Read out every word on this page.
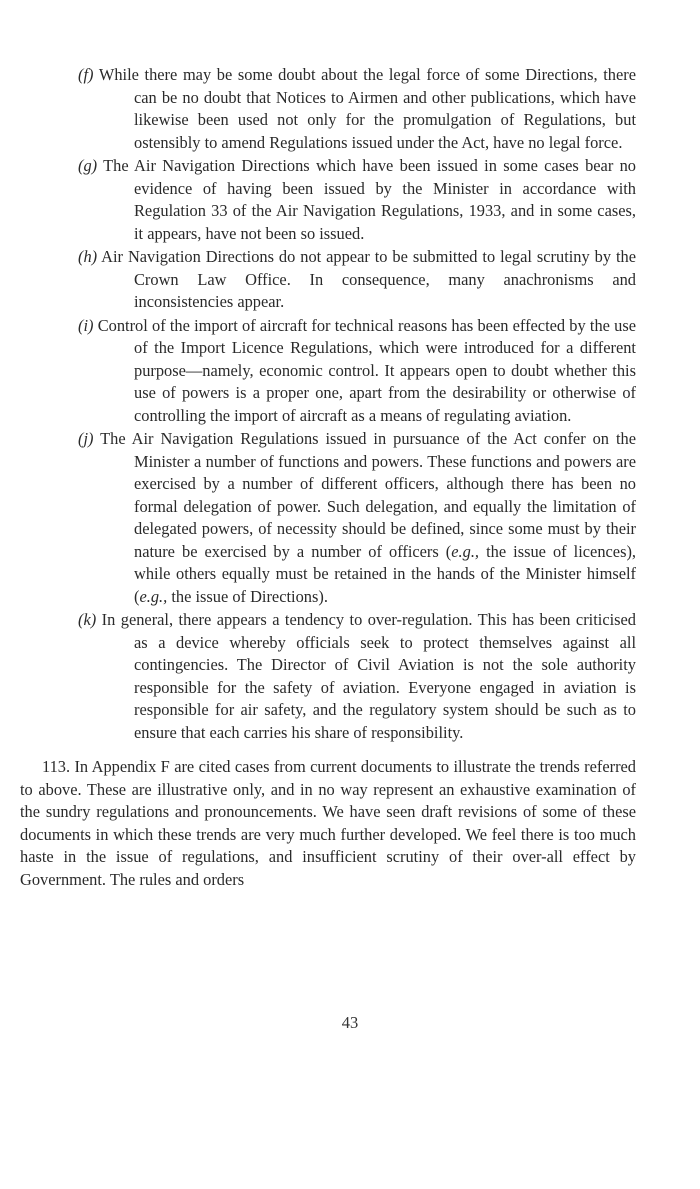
(f) While there may be some doubt about the legal force of some Directions, there can be no doubt that Notices to Airmen and other publications, which have likewise been used not only for the promulgation of Regulations, but ostensibly to amend Regulations issued under the Act, have no legal force.

(g) The Air Navigation Directions which have been issued in some cases bear no evidence of having been issued by the Minister in accordance with Regulation 33 of the Air Navigation Regulations, 1933, and in some cases, it appears, have not been so issued.

(h) Air Navigation Directions do not appear to be submitted to legal scrutiny by the Crown Law Office. In consequence, many anachronisms and inconsistencies appear.

(i) Control of the import of aircraft for technical reasons has been effected by the use of the Import Licence Regulations, which were introduced for a different purpose—namely, economic control. It appears open to doubt whether this use of powers is a proper one, apart from the desirability or otherwise of controlling the import of aircraft as a means of regulating aviation.

(j) The Air Navigation Regulations issued in pursuance of the Act confer on the Minister a number of functions and powers. These functions and powers are exercised by a number of different officers, although there has been no formal delegation of power. Such delegation, and equally the limitation of delegated powers, of necessity should be defined, since some must by their nature be exercised by a number of officers (e.g., the issue of licences), while others equally must be retained in the hands of the Minister himself (e.g., the issue of Directions).

(k) In general, there appears a tendency to over-regulation. This has been criticised as a device whereby officials seek to protect themselves against all contingencies. The Director of Civil Aviation is not the sole authority responsible for the safety of aviation. Everyone engaged in aviation is responsible for air safety, and the regulatory system should be such as to ensure that each carries his share of responsibility.

113. In Appendix F are cited cases from current documents to illustrate the trends referred to above. These are illustrative only, and in no way represent an exhaustive examination of the sundry regulations and pronouncements. We have seen draft revisions of some of these documents in which these trends are very much further developed. We feel there is too much haste in the issue of regulations, and insufficient scrutiny of their over-all effect by Government. The rules and orders

43
